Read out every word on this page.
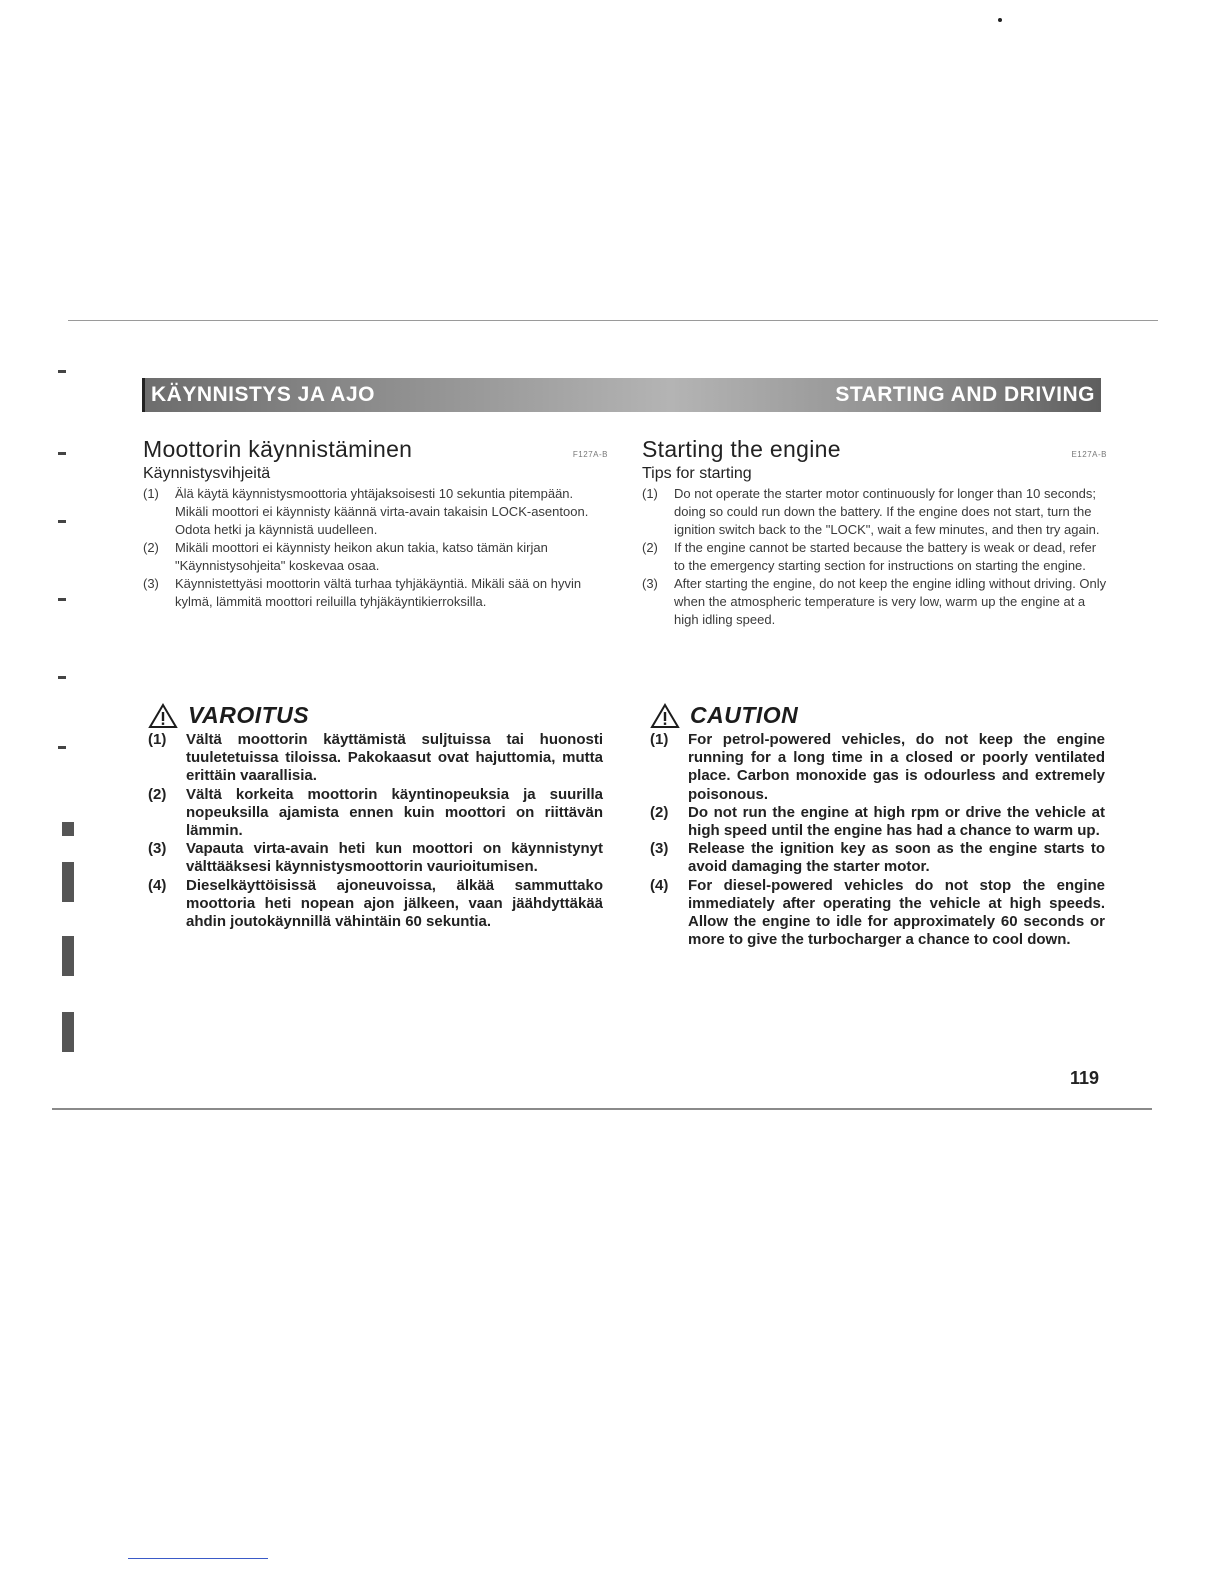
KÄYNNISTYS JA AJO	STARTING AND DRIVING
Moottorin käynnistäminen	F127A-B
Käynnistysvihjeitä
(1)	Älä käytä käynnistysmoottoria yhtäjaksoisesti 10 sekuntia pitempään. Mikäli moottori ei käynnisty käännä virta-avain takaisin LOCK-asentoon. Odota hetki ja käynnistä uudelleen.
(2)	Mikäli moottori ei käynnisty heikon akun takia, katso tämän kirjan "Käynnistysohjeita" koskevaa osaa.
(3)	Käynnistettyäsi moottorin vältä turhaa tyhjäkäyntiä. Mikäli sää on hyvin kylmä, lämmitä moottori reiluilla tyhjäkäyntikierroksilla.
Starting the engine	E127A-B
Tips for starting
(1)	Do not operate the starter motor continuously for longer than 10 seconds; doing so could run down the battery. If the engine does not start, turn the ignition switch back to the "LOCK", wait a few minutes, and then try again.
(2)	If the engine cannot be started because the battery is weak or dead, refer to the emergency starting section for instructions on starting the engine.
(3)	After starting the engine, do not keep the engine idling without driving. Only when the atmospheric temperature is very low, warm up the engine at a high idling speed.
VAROITUS
(1)	Vältä moottorin käyttämistä suljtuissa tai huonosti tuuletetuissa tiloissa. Pakokaasut ovat hajuttomia, mutta erittäin vaarallisia.
(2)	Vältä korkeita moottorin käyntinopeuksia ja suurilla nopeuksilla ajamista ennen kuin moottori on riittävän lämmin.
(3)	Vapauta virta-avain heti kun moottori on käynnistynyt välttääksesi käynnistysmoottorin vaurioitumisen.
(4)	Dieselkäyttöisissä ajoneuvoissa, älkää sammuttako moottoria heti nopean ajon jälkeen, vaan jäähdyttäkää ahdin joutokäynnillä vähintäin 60 sekuntia.
CAUTION
(1)	For petrol-powered vehicles, do not keep the engine running for a long time in a closed or poorly ventilated place. Carbon monoxide gas is odourless and extremely poisonous.
(2)	Do not run the engine at high rpm or drive the vehicle at high speed until the engine has had a chance to warm up.
(3)	Release the ignition key as soon as the engine starts to avoid damaging the starter motor.
(4)	For diesel-powered vehicles do not stop the engine immediately after operating the vehicle at high speeds. Allow the engine to idle for approximately 60 seconds or more to give the turbocharger a chance to cool down.
119
